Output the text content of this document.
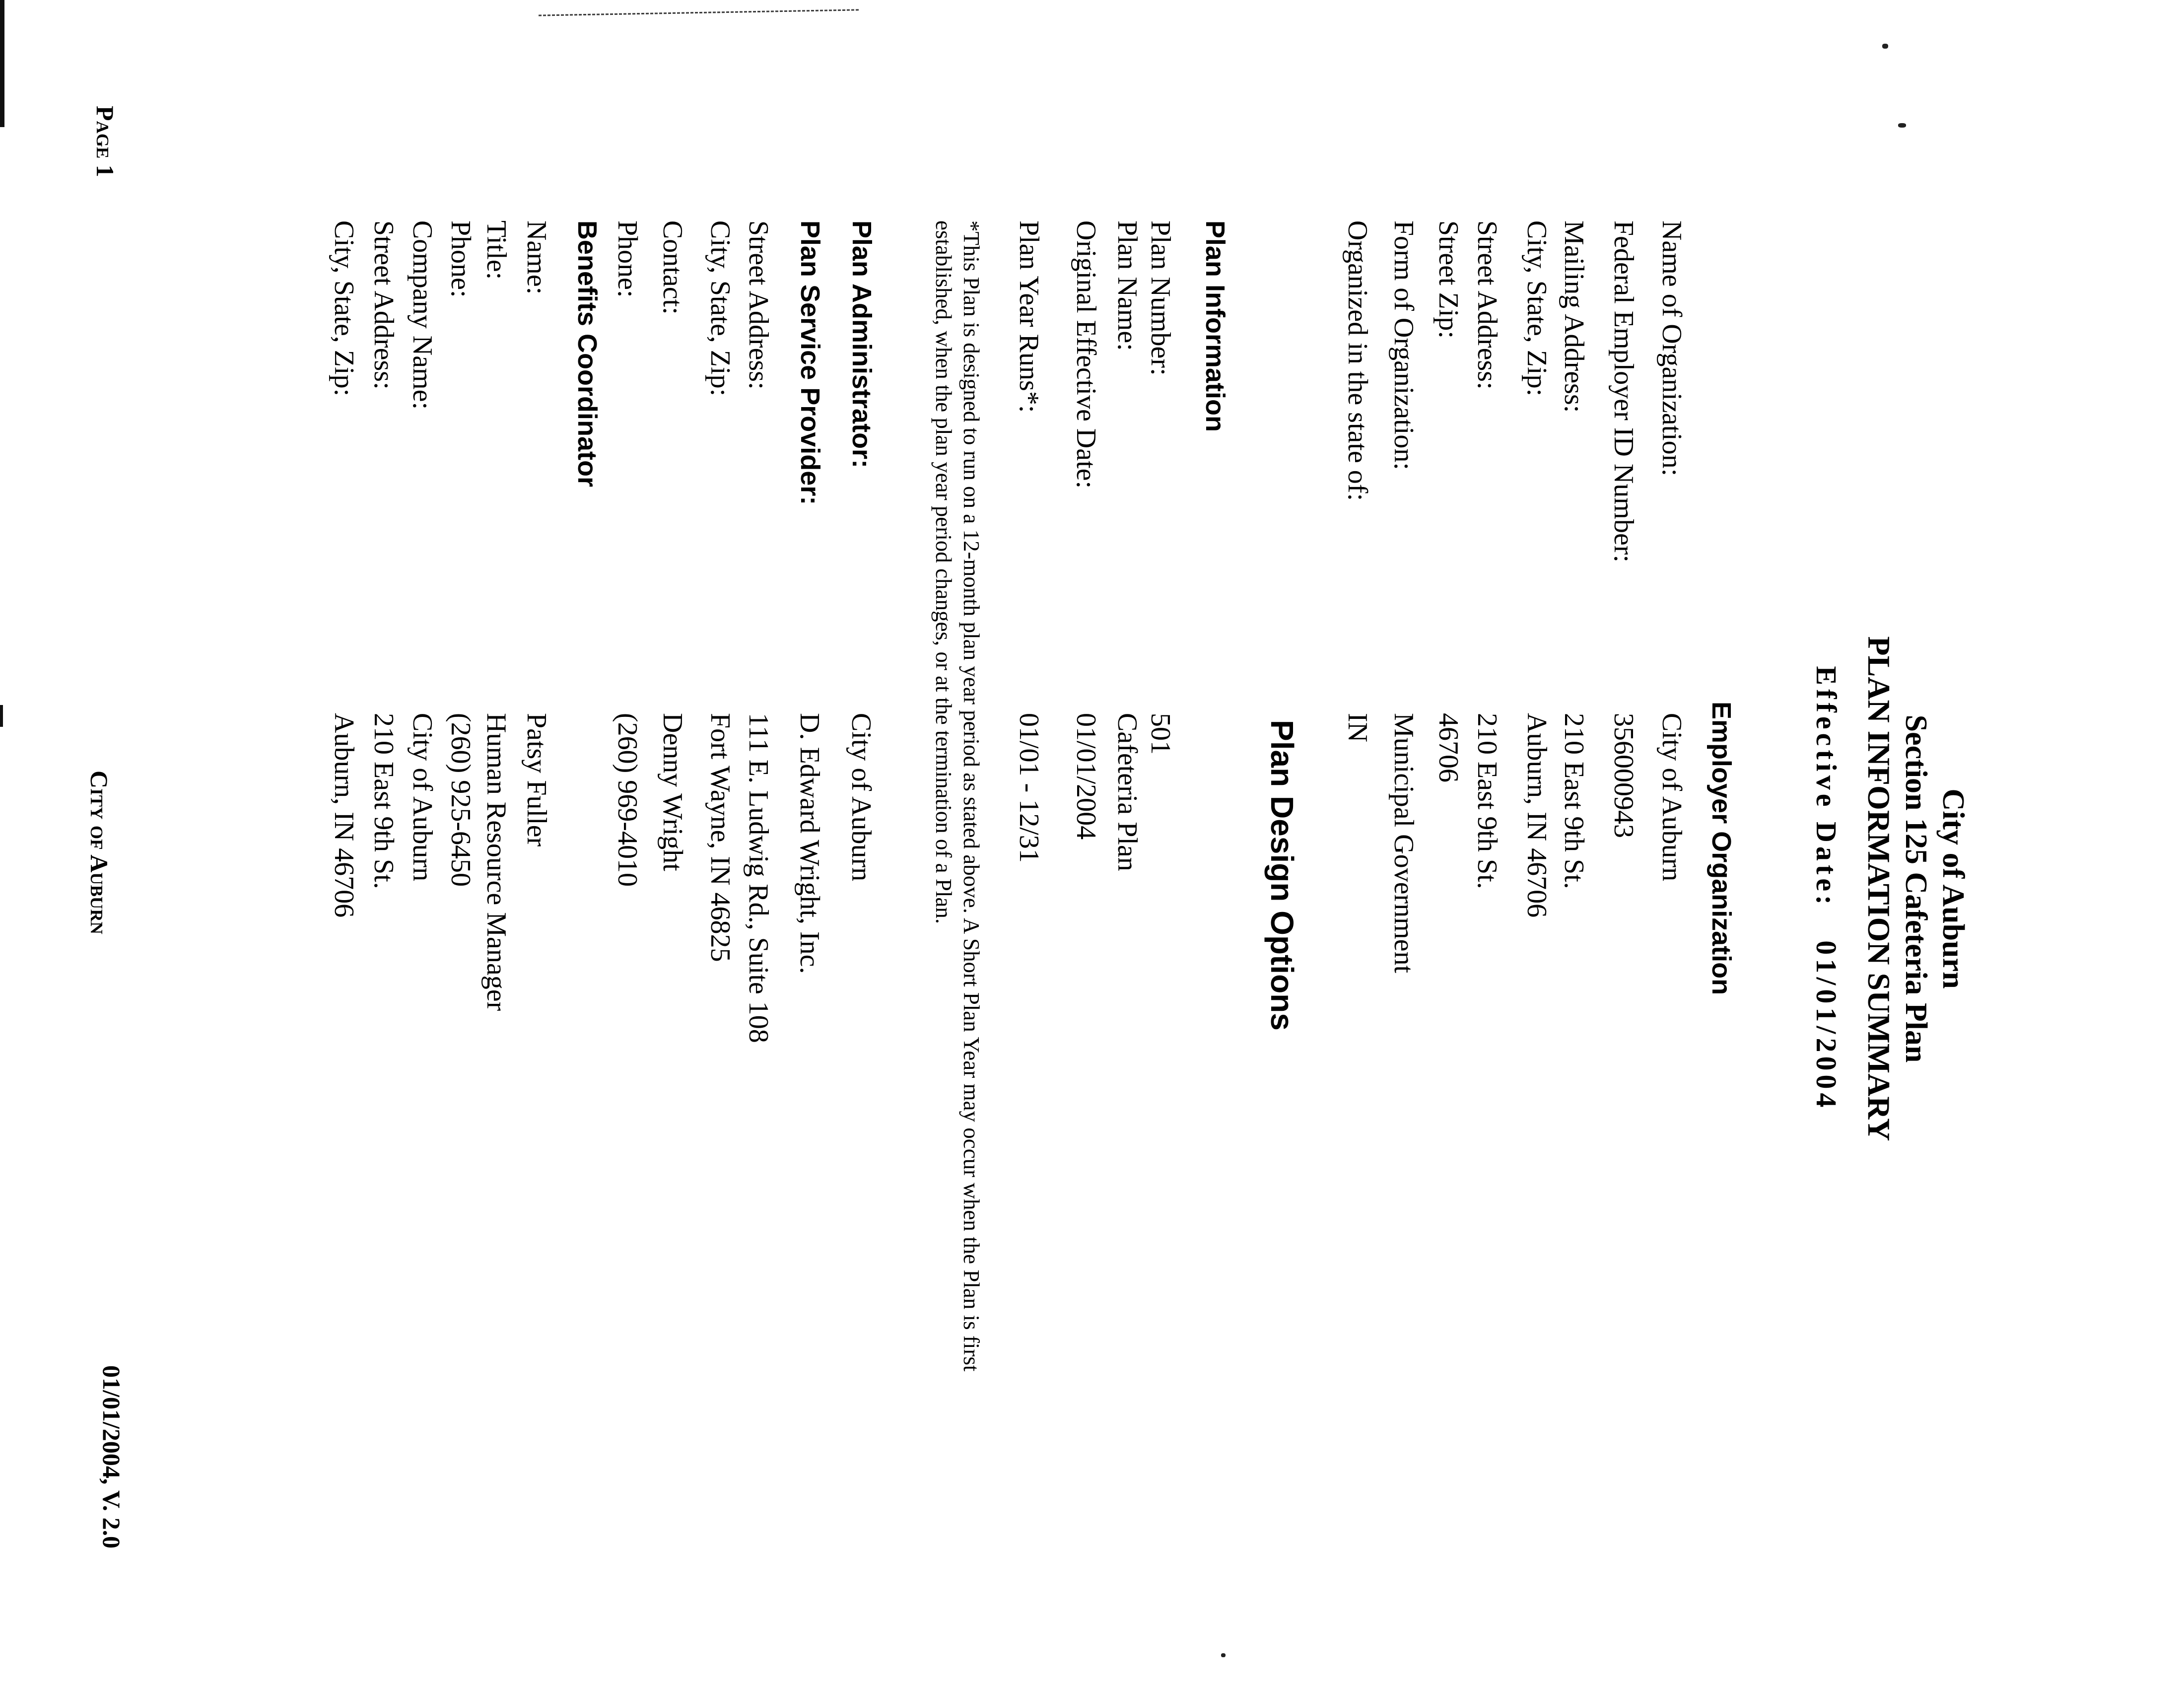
City of Auburn
Section 125 Cafeteria Plan
PLAN INFORMATION SUMMARY
Effective Date:01/01/2004
Employer Organization
Name of Organization:
City of Auburn
Federal Employer ID Number:
356000943
Mailing Address:
210 East 9th St.
City, State, Zip:
Auburn, IN 46706
Street Address:
210 East 9th St.
Street Zip:
46706
Form of Organization:
Municipal Government
Organized in the state of:
IN
Plan Design Options
Plan Information
Plan Number:
501
Plan Name:
Cafeteria Plan
Original Effective Date:
01/01/2004
Plan Year Runs*:
01/01 - 12/31
*This Plan is designed to run on a 12-month plan year period as stated above. A Short Plan Year may occur when the Plan is first
established, when the plan year period changes, or at the termination of a Plan.
Plan Administrator:
City of Auburn
Plan Service Provider:
D. Edward Wright, Inc.
Street Address:
111 E. Ludwig Rd., Suite 108
City, State, Zip:
Fort Wayne, IN 46825
Contact:
Denny Wright
Phone:
(260) 969-4010
Benefits Coordinator
Name:
Patsy Fuller
Title:
Human Resource Manager
Phone:
(260) 925-6450
Company Name:
City of Auburn
Street Address:
210 East 9th St.
City, State, Zip:
Auburn, IN 46706
Page 1
City of Auburn
01/01/2004, V. 2.0
